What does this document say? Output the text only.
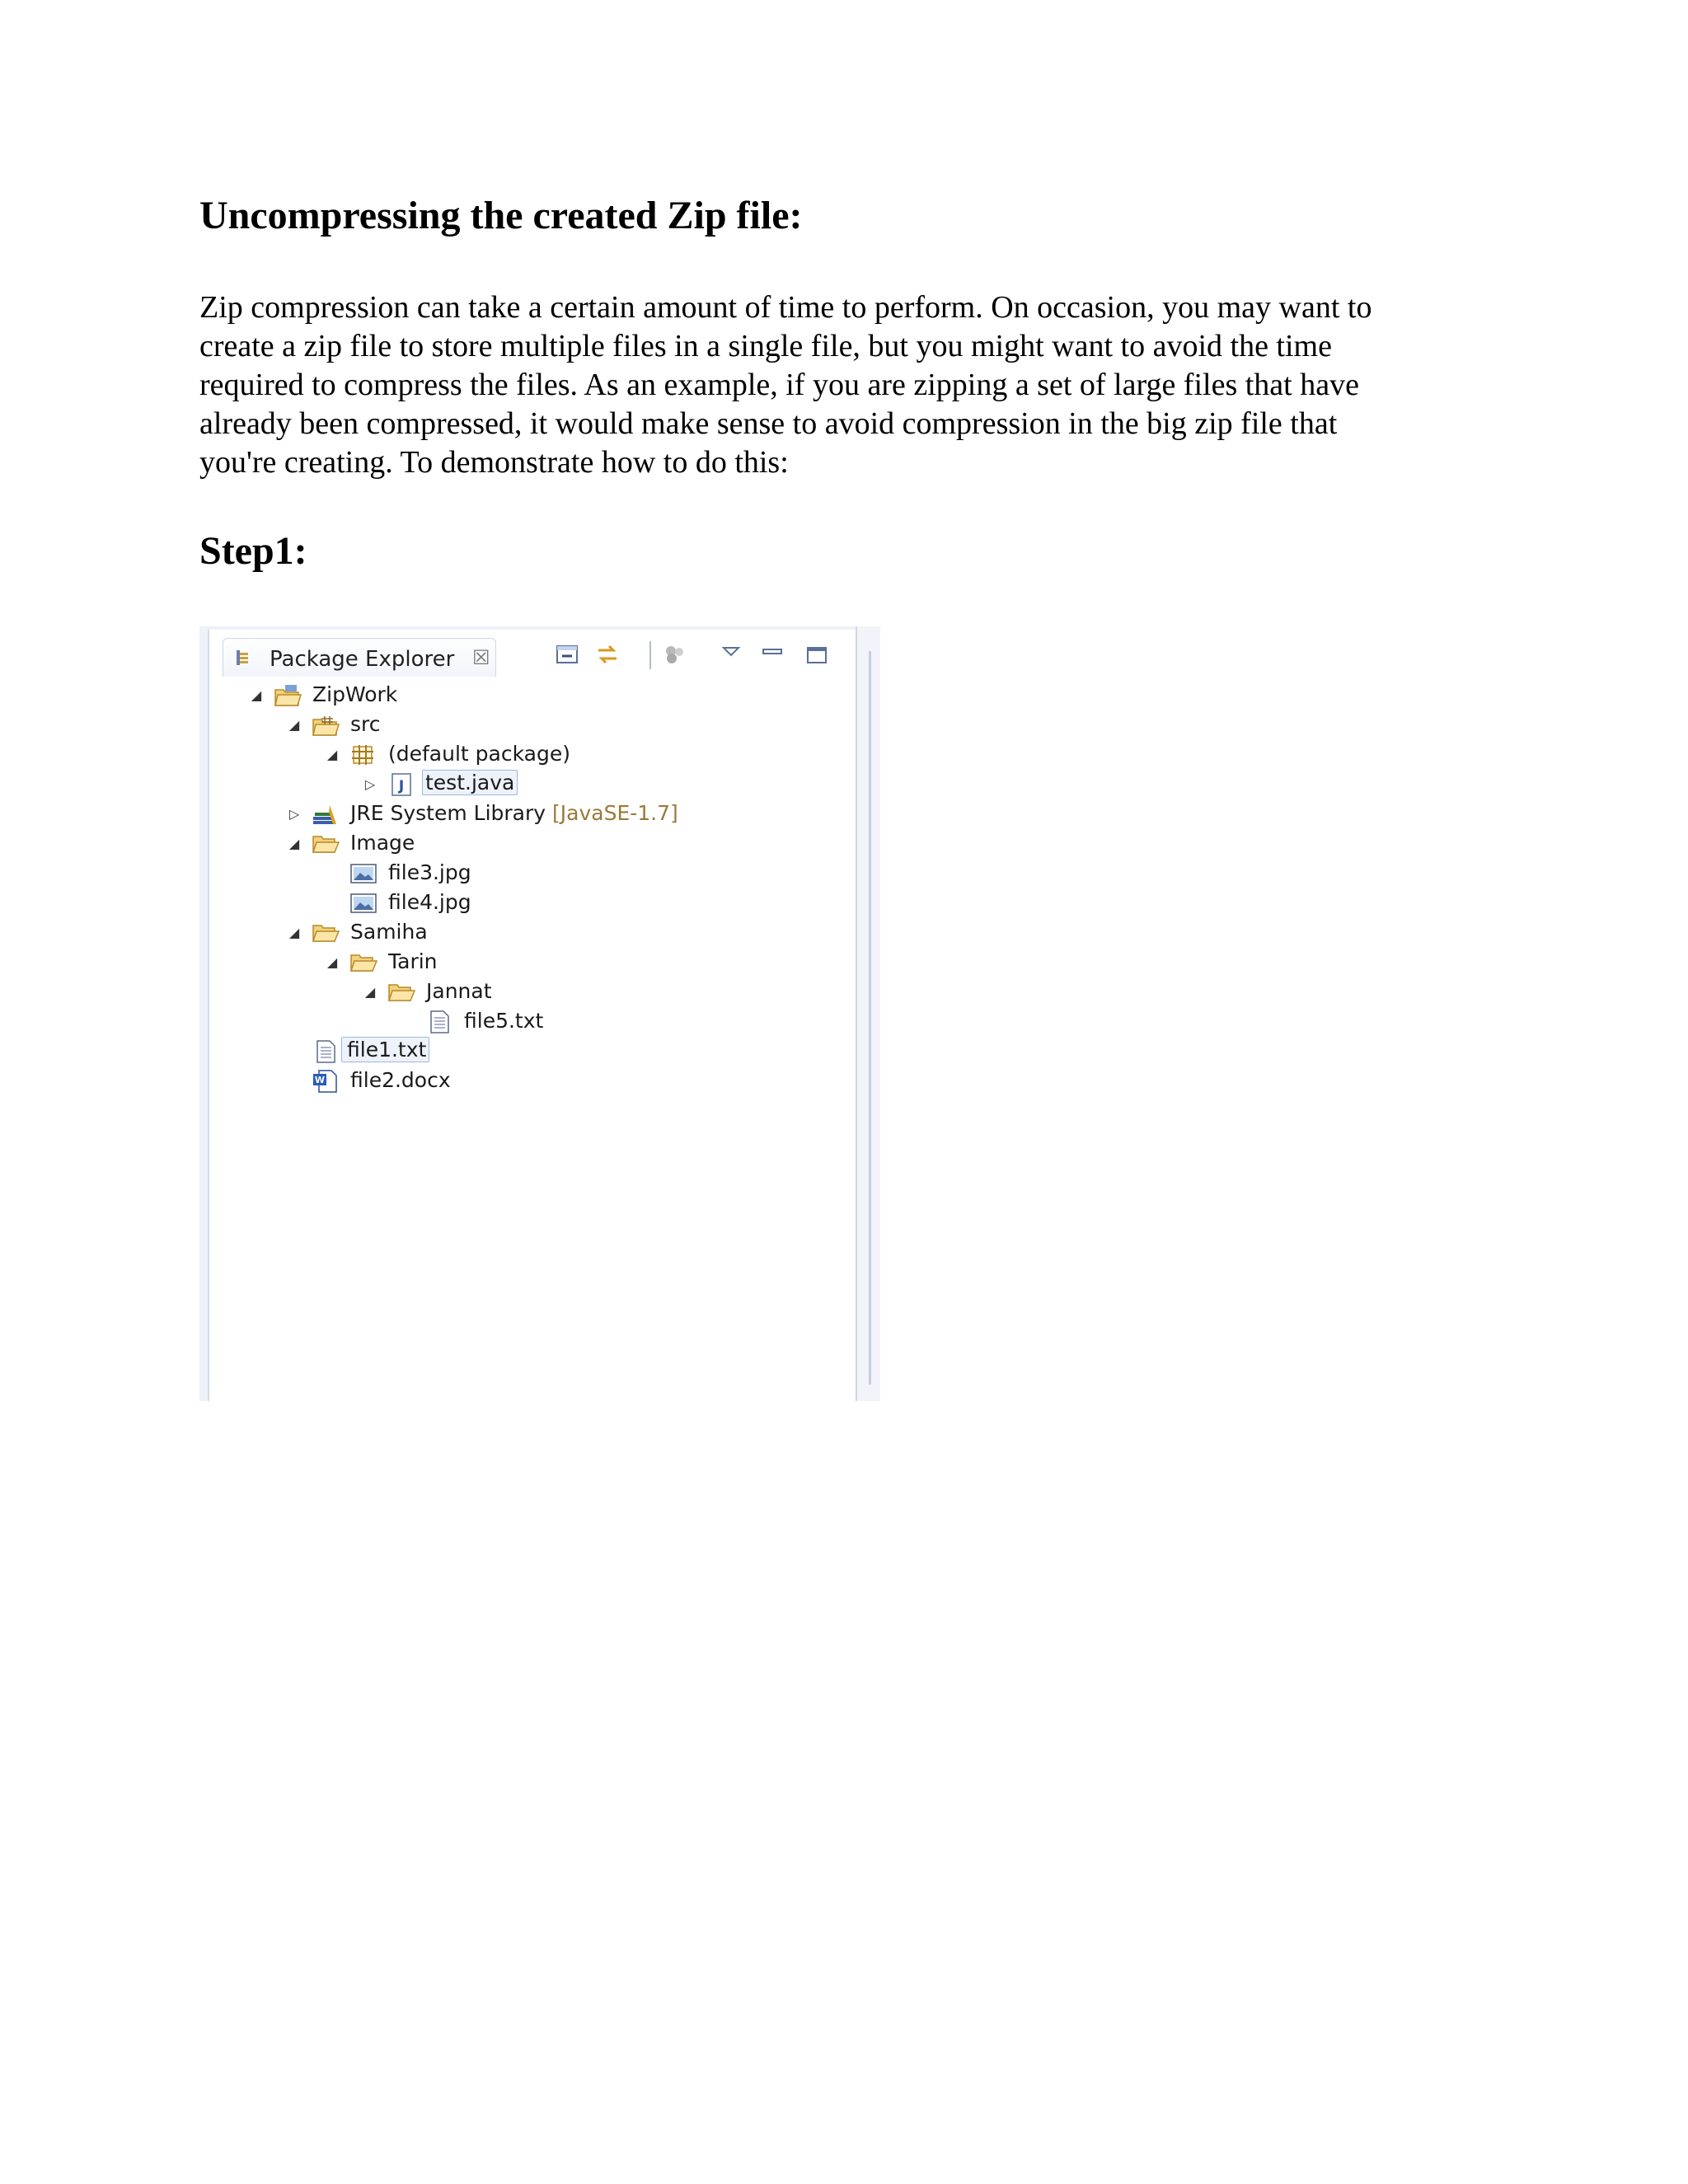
Uncompressing the created Zip file:
Zip compression can take a certain amount of time to perform. On occasion, you may want to
create a zip file to store multiple files in a single file, but you might want to avoid the time
required to compress the files. As an example, if you are zipping a set of large files that have
already been compressed, it would make sense to avoid compression in the big zip file that
you're creating. To demonstrate how to do this:
Step1:
Package Explorer ☒
◢ ZipWork
◢ src
◢ (default package)
▷ J test.java
▷ JRE System Library [JavaSE-1.7]
◢ Image
file3.jpg
file4.jpg
◢ Samiha
◢ Tarin
◢ Jannat
file5.txt
file1.txt
W file2.docx
